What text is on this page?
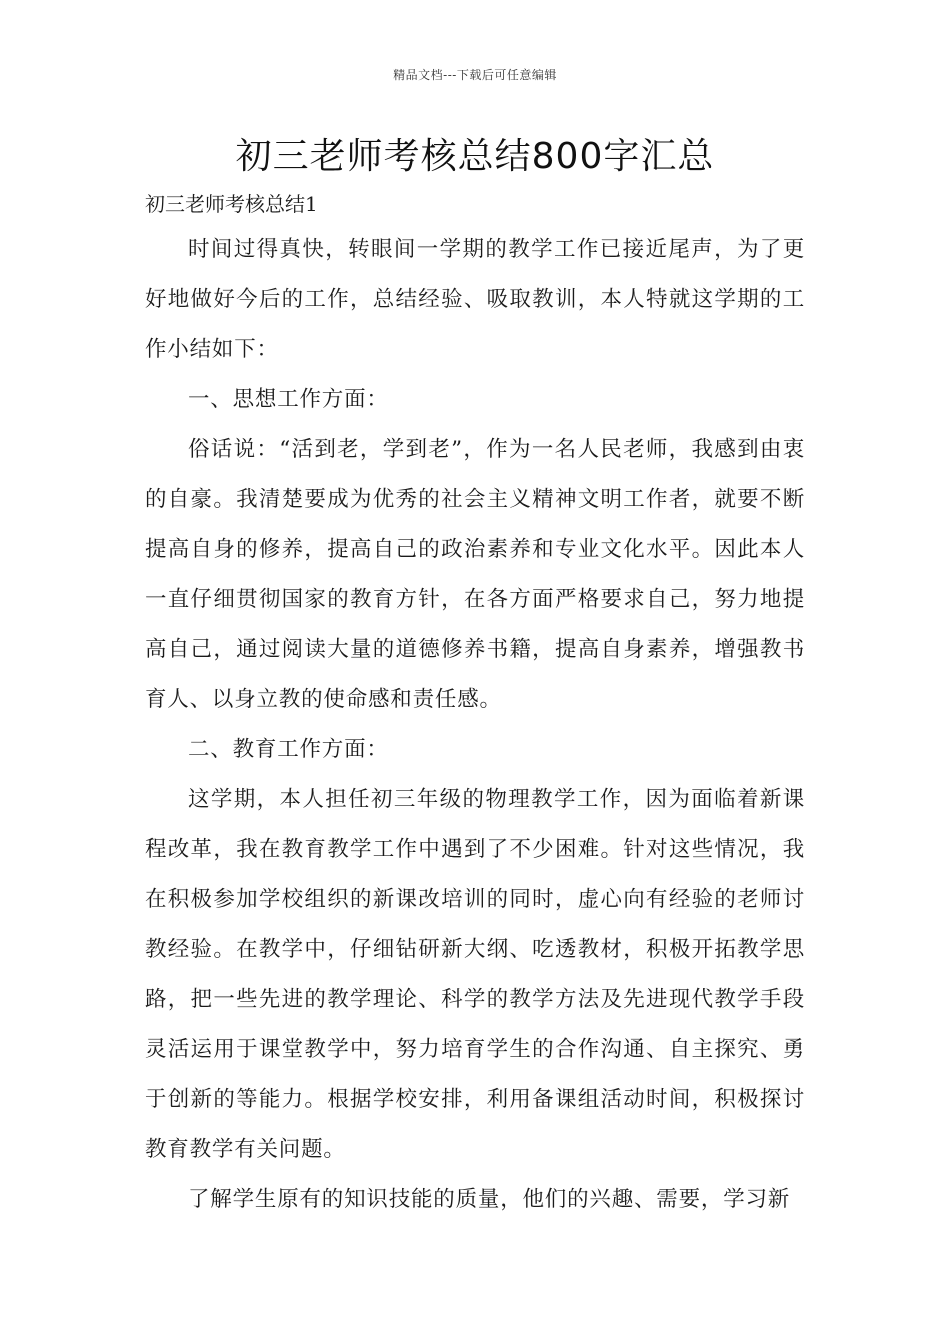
精品文档---下载后可任意编辑
初三老师考核总结800字汇总
初三老师考核总结1

时间过得真快，转眼间一学期的教学工作已接近尾声，为了更好地做好今后的工作，总结经验、吸取教训，本人特就这学期的工作小结如下：

一、思想工作方面：

俗话说：“活到老，学到老”，作为一名人民老师，我感到由衷的自豪。我清楚要成为优秀的社会主义精神文明工作者，就要不断提高自身的修养，提高自己的政治素养和专业文化水平。因此本人一直仔细贯彻国家的教育方针，在各方面严格要求自己，努力地提高自己，通过阅读大量的道德修养书籍，提高自身素养，增强教书育人、以身立教的使命感和责任感。

二、教育工作方面：

这学期，本人担任初三年级的物理教学工作，因为面临着新课程改革，我在教育教学工作中遇到了不少困难。针对这些情况，我在积极参加学校组织的新课改培训的同时，虚心向有经验的老师讨教经验。在教学中，仔细钻研新大纲、吃透教材，积极开拓教学思路，把一些先进的教学理论、科学的教学方法及先进现代教学手段灵活运用于课堂教学中，努力培育学生的合作沟通、自主探究、勇于创新的等能力。根据学校安排，利用备课组活动时间，积极探讨教育教学有关问题。

了解学生原有的知识技能的质量，他们的兴趣、需要，学习新
